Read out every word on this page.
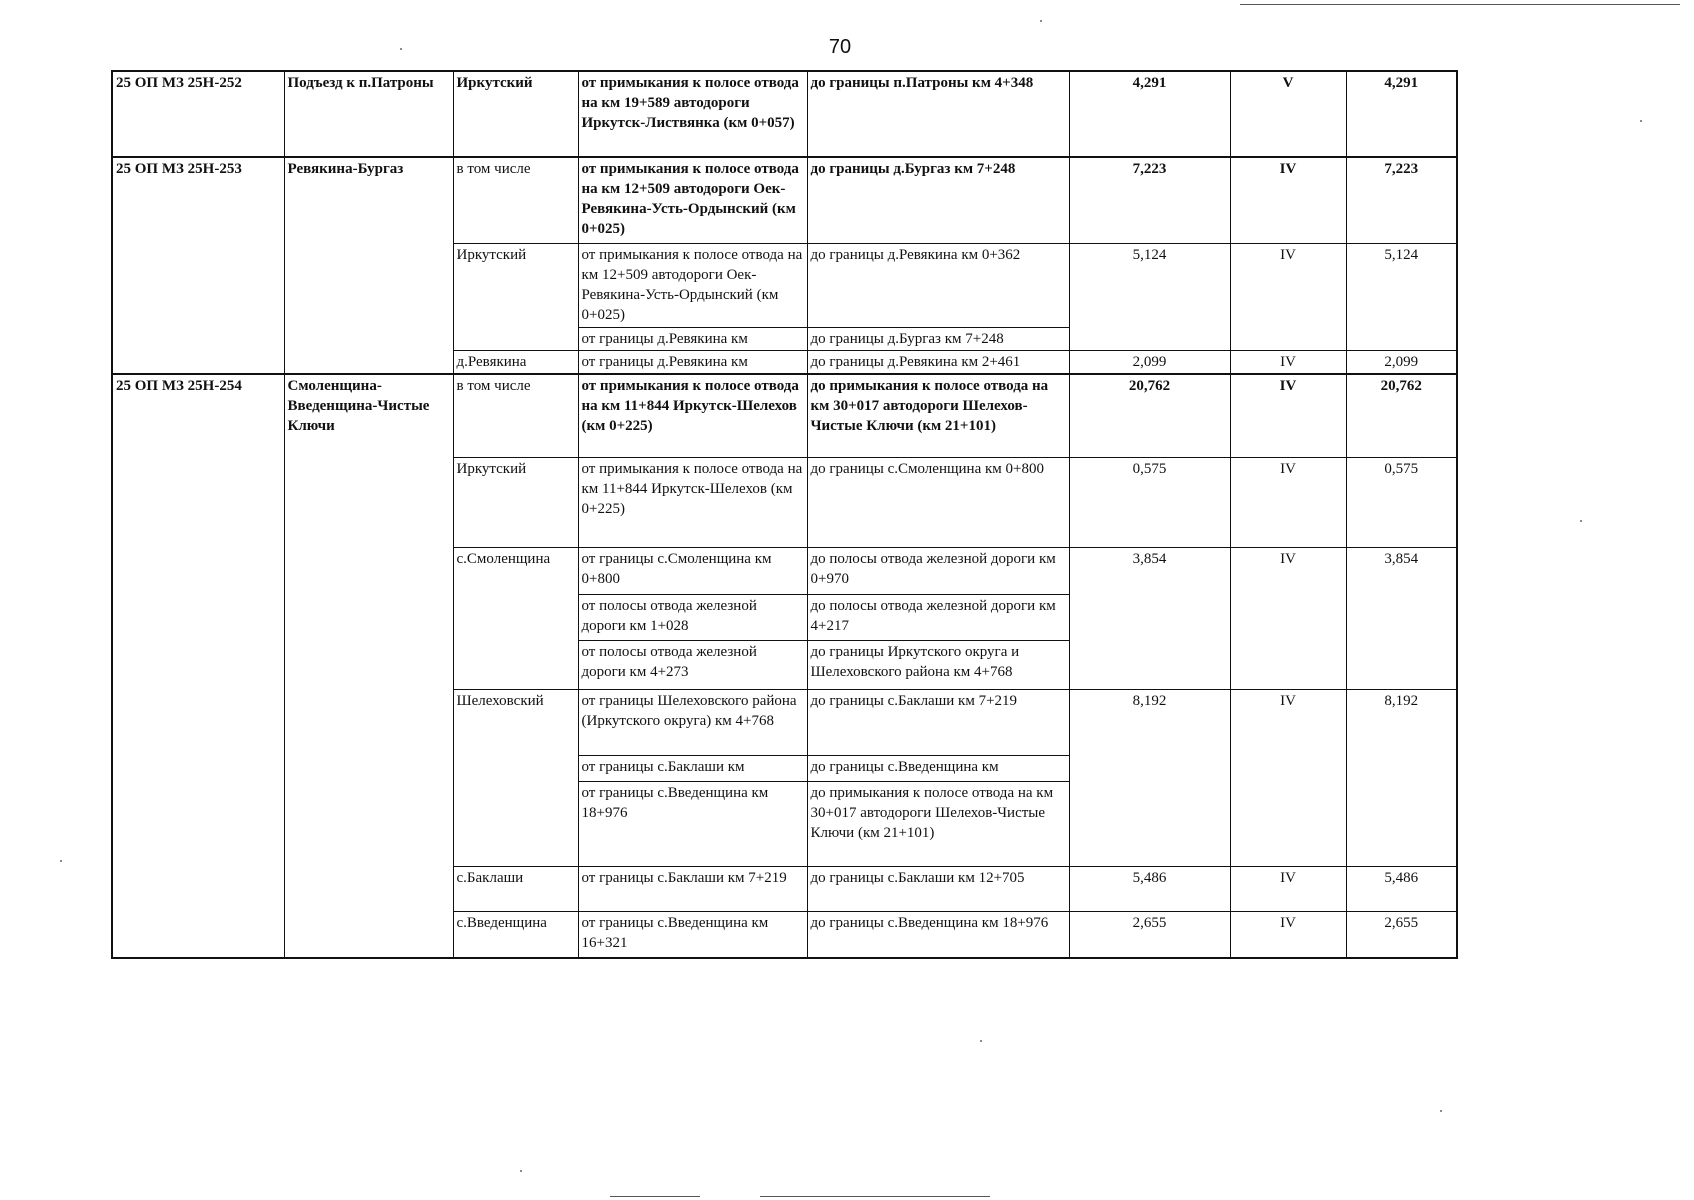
70
25 ОП МЗ 25Н-252	Подъезд к п.Патроны	Иркутский	от примыкания к полосе отвода на км 19+589 автодороги Иркутск-Листвянка (км 0+057)	до границы п.Патроны км 4+348	4,291	V	4,291
25 ОП МЗ 25Н-253	Ревякина-Бургаз	в том числе	от примыкания к полосе отвода на км 12+509 автодороги Оек-Ревякина-Усть-Ордынский (км 0+025)	до границы д.Бургаз км 7+248	7,223	IV	7,223
		Иркутский	от примыкания к полосе отвода на км 12+509 автодороги Оек-Ревякина-Усть-Ордынский (км 0+025)	до границы д.Ревякина км 0+362	5,124	IV	5,124
			от границы д.Ревякина км	до границы д.Бургаз км 7+248			
		д.Ревякина	от границы д.Ревякина км	до границы д.Ревякина км 2+461	2,099	IV	2,099
25 ОП МЗ 25Н-254	Смоленщина-Введенщина-Чистые Ключи	в том числе	от примыкания к полосе отвода на км 11+844 Иркутск-Шелехов (км 0+225)	до примыкания к полосе отвода на км 30+017 автодороги Шелехов-Чистые Ключи (км 21+101)	20,762	IV	20,762
		Иркутский	от примыкания к полосе отвода на км 11+844 Иркутск-Шелехов (км 0+225)	до границы с.Смоленщина км 0+800	0,575	IV	0,575
		с.Смоленщина	от границы с.Смоленщина км 0+800	до полосы отвода железной дороги км 0+970	3,854	IV	3,854
			от полосы отвода железной дороги км 1+028	до полосы отвода железной дороги км 4+217			
			от полосы отвода железной дороги км 4+273	до границы Иркутского округа и Шелеховского района км 4+768			
		Шелеховский	от границы Шелеховского района (Иркутского округа) км 4+768	до границы с.Баклаши км 7+219	8,192	IV	8,192
			от границы с.Баклаши км	до границы с.Введенщина км			
			от границы с.Введенщина км 18+976	до примыкания к полосе отвода на км 30+017 автодороги Шелехов-Чистые Ключи (км 21+101)			
		с.Баклаши	от границы с.Баклаши км 7+219	до границы с.Баклаши км 12+705	5,486	IV	5,486
		с.Введенщина	от границы с.Введенщина км 16+321	до границы с.Введенщина км 18+976	2,655	IV	2,655
